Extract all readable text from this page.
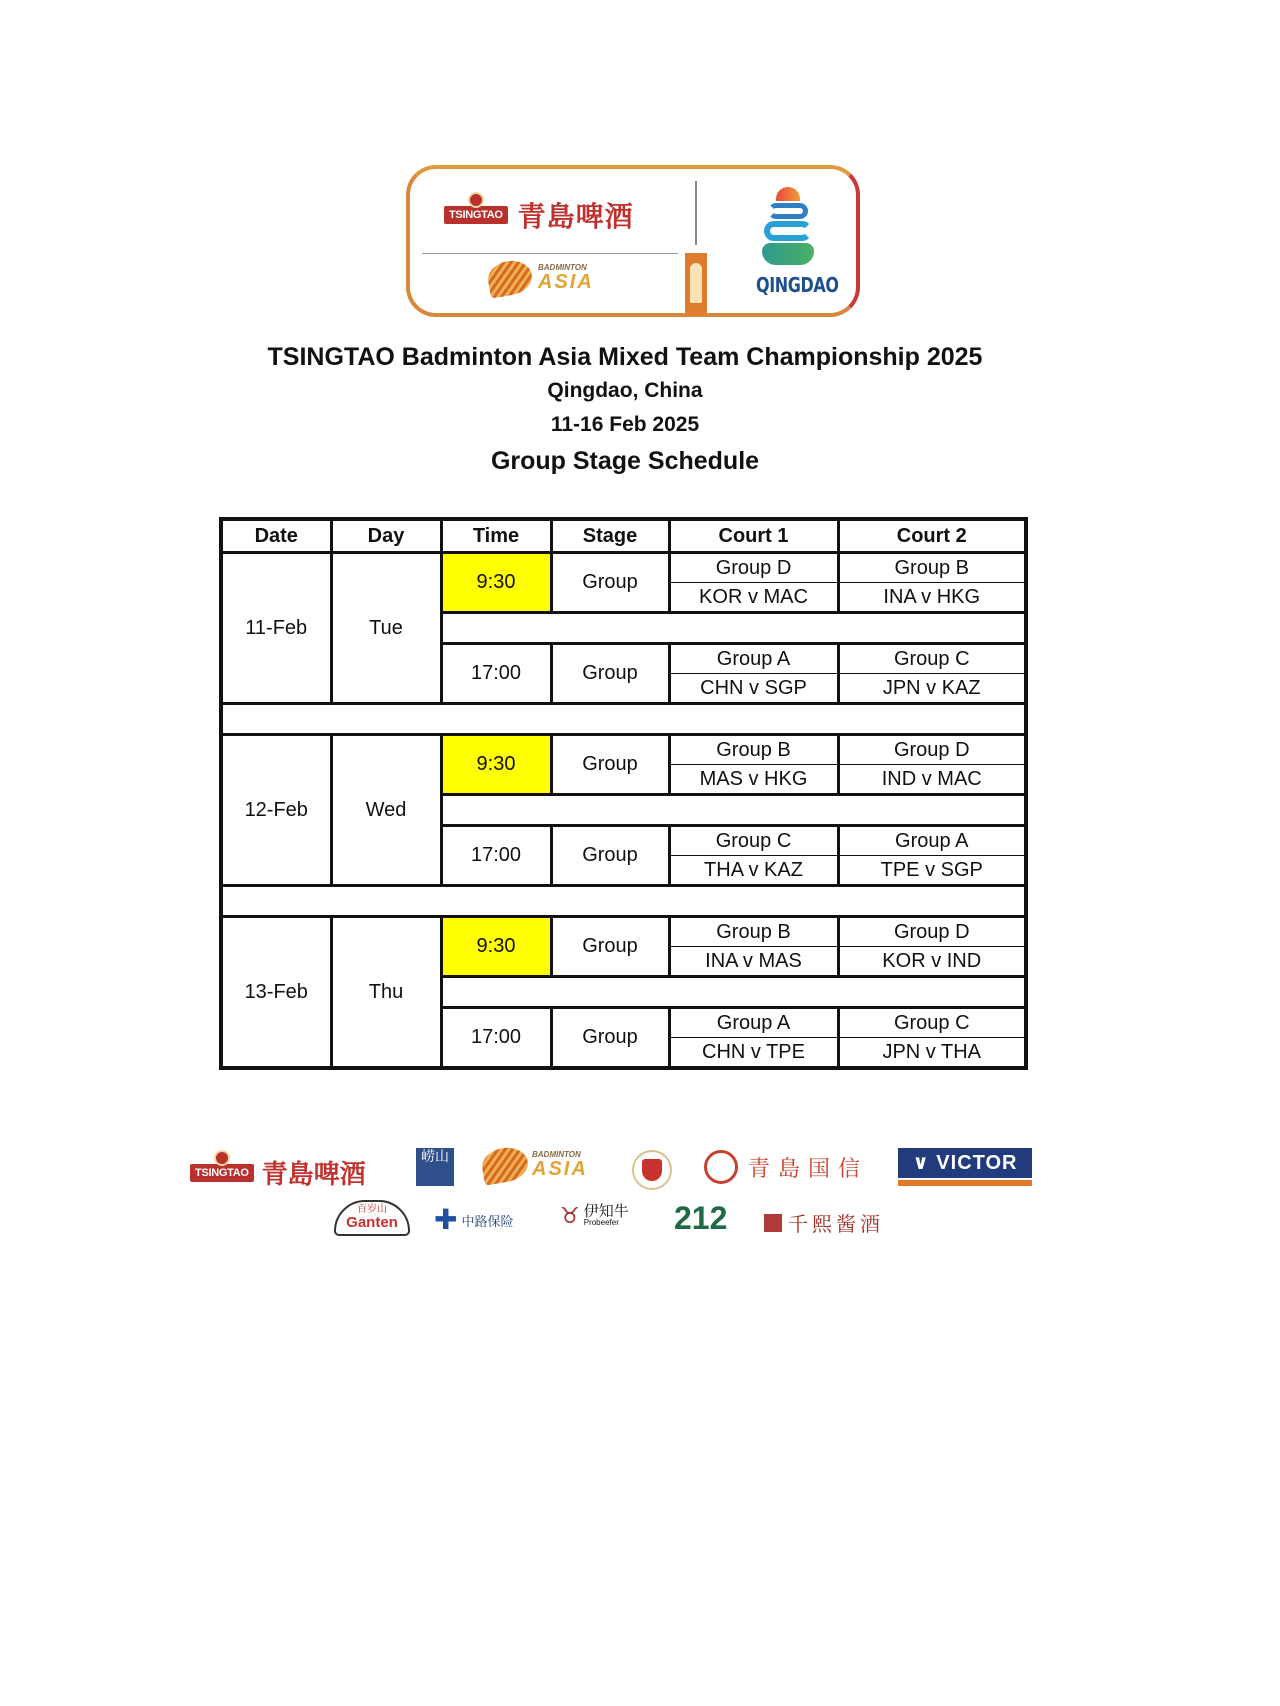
TSINGTAO 青島啤酒
BADMINTON
ASIA	QINGDAO

TSINGTAO Badminton Asia Mixed Team Championship 2025

Qingdao, China

11-16 Feb 2025

Group Stage Schedule

Date	Day	Time	Stage	Court 1	Court 2
11-Feb	Tue	9:30	Group	Group D	Group B
				KOR v MAC	INA v HKG

		17:00	Group	Group A	Group C
				CHN v SGP	JPN v KAZ

12-Feb	Wed	9:30	Group	Group B	Group D
				MAS v HKG	IND v MAC

		17:00	Group	Group C	Group A
				THA v KAZ	TPE v SGP

13-Feb	Thu	9:30	Group	Group B	Group D
				INA v MAS	KOR v IND

		17:00	Group	Group A	Group C
				CHN v TPE	JPN v THA
TSINGTAO 青島啤酒
崂山	BADMINTON
ASIA	青島国信	∨ VICTOR
百岁山
Ganten	✚ 中路保险 ♉ 伊知牛
Probeefer	212	千熙酱酒
